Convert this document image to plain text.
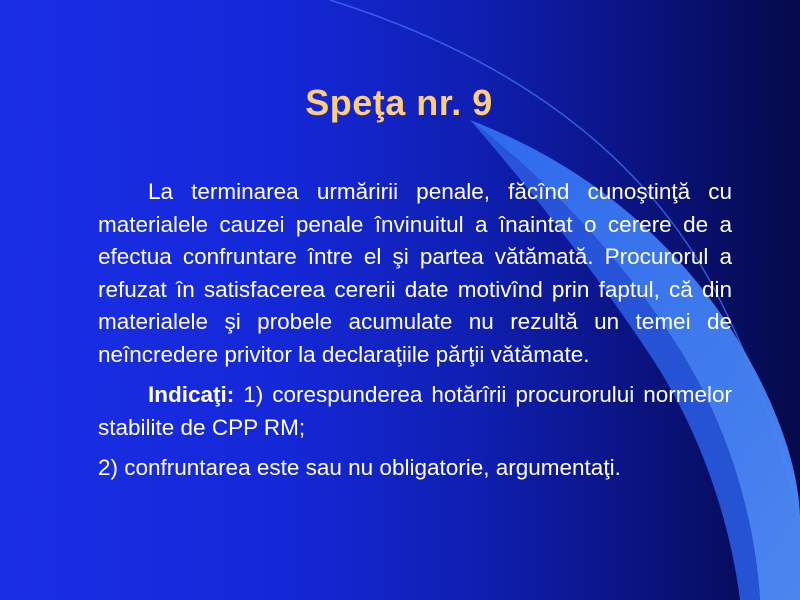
Speţa nr. 9

La terminarea urmăririi penale, făcînd cunoştinţă cu materialele cauzei penale învinuitul a înaintat o cerere de a efectua confruntare între el şi partea vătămată. Procurorul a refuzat în satisfacerea cererii date motivînd prin faptul, că din materialele şi probele acumulate nu rezultă un temei de neîncredere privitor la declaraţiile părţii vătămate.

Indicaţi: 1) corespunderea hotărîrii procurorului normelor stabilite de CPP RM;

2) confruntarea este sau nu obligatorie, argumentaţi.
